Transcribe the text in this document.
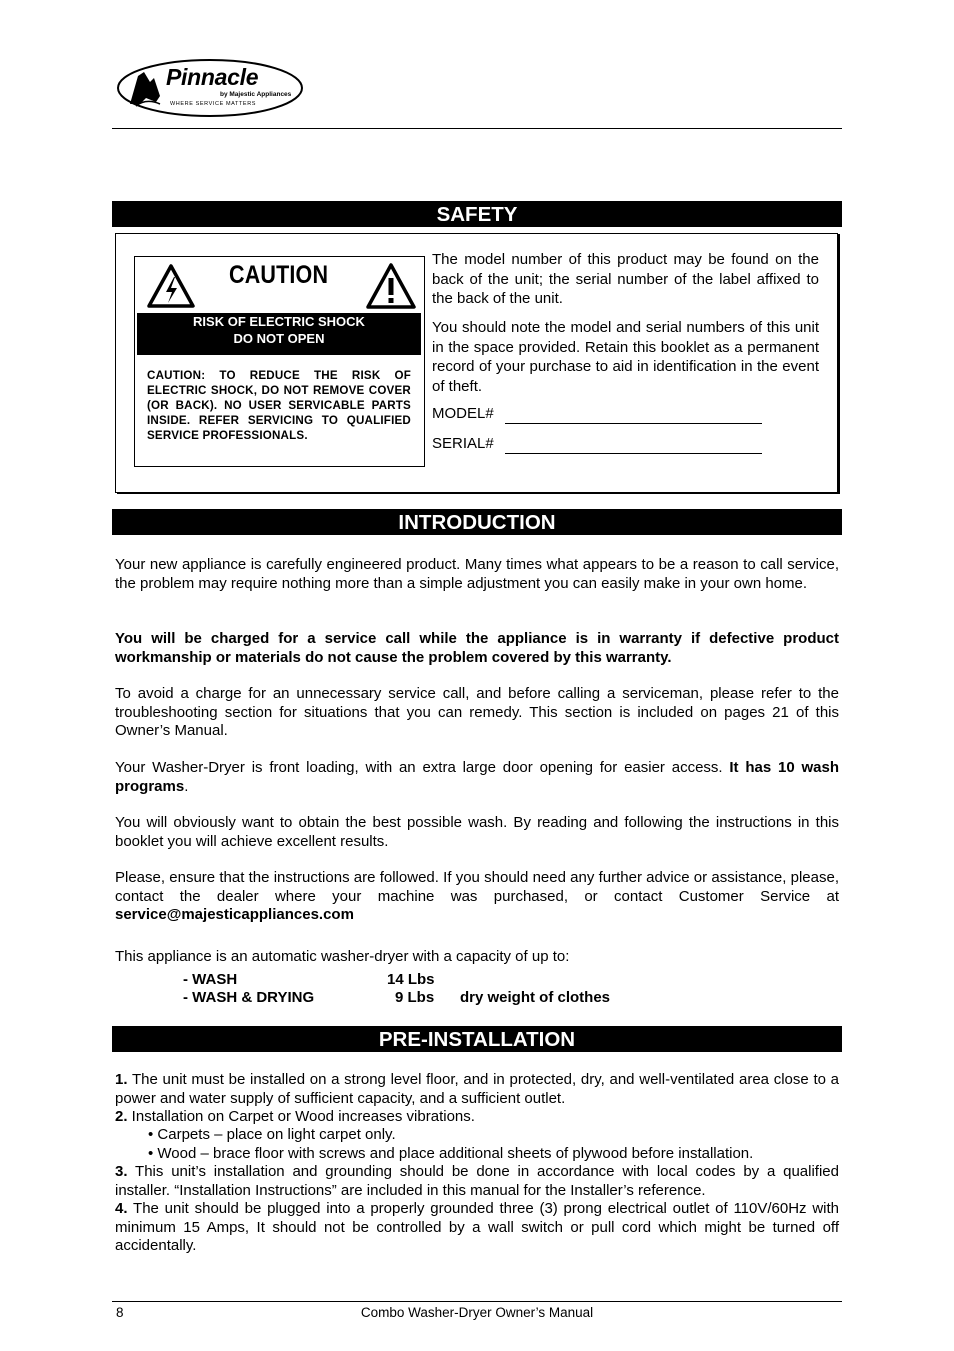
Pinnacle
by Majestic Appliances
WHERE SERVICE MATTERS
SAFETY
CAUTION
RISK OF ELECTRIC SHOCK
DO NOT OPEN
CAUTION: TO REDUCE THE RISK OF ELECTRIC SHOCK, DO NOT REMOVE COVER (OR BACK). NO USER SERVICABLE PARTS INSIDE. REFER SERVICING TO QUALIFIED SERVICE PROFESSIONALS.
The model number of this product may be found on the back of the unit; the serial number of the label affixed to the back of the unit.
You should note the model and serial numbers of this unit in the space provided. Retain this booklet as a permanent record of your purchase to aid in identification in the event of theft.
MODEL#
SERIAL#
INTRODUCTION
Your new appliance is carefully engineered product. Many times what appears to be a reason to call service, the problem may require nothing more than a simple adjustment you can easily make in your own home.
You will be charged for a service call while the appliance is in warranty if defective product workmanship or materials do not cause the problem covered by this warranty.
To avoid a charge for an unnecessary service call, and before calling a serviceman, please refer to the troubleshooting section for situations that you can remedy. This section is included on pages 21 of this Owner’s Manual.
Your Washer-Dryer is front loading, with an extra large door opening for easier access. It has 10 wash programs.
You will obviously want to obtain the best possible wash. By reading and following the instructions in this booklet you will achieve excellent results.
Please, ensure that the instructions are followed. If you should need any further advice or assistance, please, contact the dealer where your machine was purchased, or contact Customer Service at service@majesticappliances.com
This appliance is an automatic washer-dryer with a capacity of up to:
- WASH	14 Lbs
- WASH & DRYING	9 Lbs dry weight of clothes
PRE-INSTALLATION
1. The unit must be installed on a strong level floor, and in protected, dry, and well-ventilated area close to a power and water supply of sufficient capacity, and a sufficient outlet.
2. Installation on Carpet or Wood increases vibrations.
• Carpets – place on light carpet only.
• Wood – brace floor with screws and place additional sheets of plywood before installation.
3. This unit’s installation and grounding should be done in accordance with local codes by a qualified installer. “Installation Instructions” are included in this manual for the Installer’s reference.
4. The unit should be plugged into a properly grounded three (3) prong electrical outlet of 110V/60Hz with minimum 15 Amps, It should not be controlled by a wall switch or pull cord which might be turned off accidentally.
8	Combo Washer-Dryer Owner’s Manual
